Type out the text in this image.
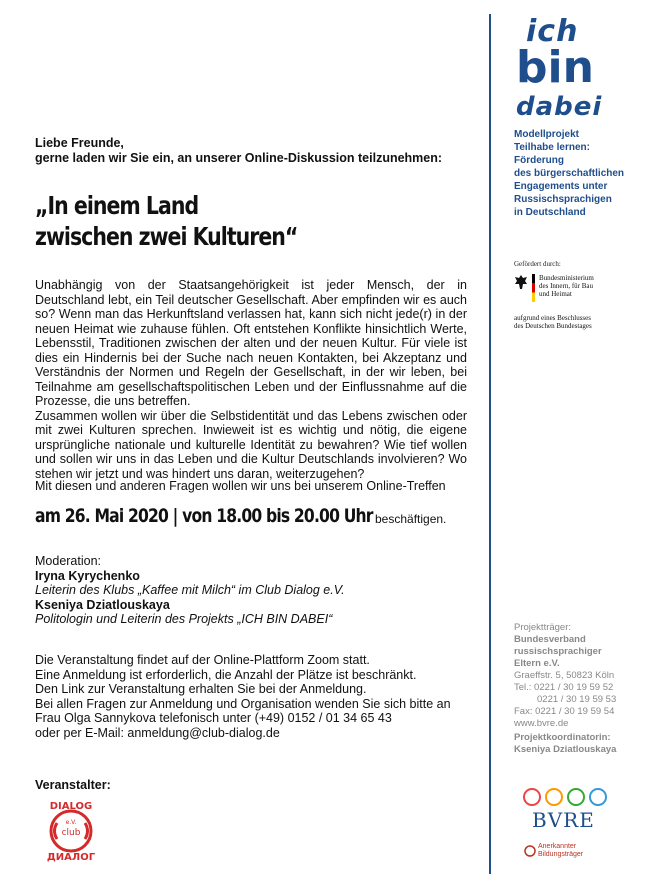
ich
bin
dabei
Modellprojekt
Teilhabe lernen:
Förderung
des bürgerschaftlichen
Engagements unter
Russischsprachigen
in Deutschland
Gefördert durch:
Bundesministerium
des Innern, für Bau
und Heimat
aufgrund eines Beschlusses
des Deutschen Bundestages
Projektträger:
Bundesverband
russischsprachiger
Eltern e.V.
Graeffstr. 5, 50823 Köln
Tel.: 0221 / 30 19 59 52
0221 / 30 19 59 53
Fax: 0221 / 30 19 59 54
www.bvre.de
Projektkoordinatorin:
Kseniya Dziatlouskaya
BVRE
Anerkannter
Bildungsträger
Liebe Freunde,
gerne laden wir Sie ein, an unserer Online-Diskussion teilzunehmen:
„In einem Land
zwischen zwei Kulturen“
Unabhängig von der Staatsangehörigkeit ist jeder Mensch, der in Deutschland lebt, ein Teil deutscher Gesellschaft. Aber empfinden wir es auch so? Wenn man das Herkunftsland verlassen hat, kann sich nicht jede(r) in der neuen Heimat wie zuhause fühlen. Oft entstehen Konflikte hinsichtlich Werte, Lebensstil, Traditionen zwischen der alten und der neuen Kultur. Für viele ist dies ein Hindernis bei der Suche nach neuen Kontakten, bei Akzeptanz und Verständnis der Normen und Regeln der Gesellschaft, in der wir leben, bei Teilnahme am gesellschaftspolitischen Leben und der Einflussnahme auf die Prozesse, die uns betreffen.
Zusammen wollen wir über die Selbstidentität und das Lebens zwischen oder mit zwei Kulturen sprechen. Inwieweit ist es wichtig und nötig, die eigene ursprüngliche nationale und kulturelle Identität zu bewahren? Wie tief wollen und sollen wir uns in das Leben und die Kultur Deutschlands involvieren? Wo stehen wir jetzt und was hindert uns daran, weiterzugehen?
Mit diesen und anderen Fragen wollen wir uns bei unserem Online-Treffen
am 26. Mai 2020 | von 18.00 bis 20.00 Uhr beschäftigen.
Moderation:
Iryna Kyrychenko
Leiterin des Klubs „Kaffee mit Milch“ im Club Dialog e.V.
Kseniya Dziatlouskaya
Politologin und Leiterin des Projekts „ICH BIN DABEI“
Die Veranstaltung findet auf der Online-Plattform Zoom statt.
Eine Anmeldung ist erforderlich, die Anzahl der Plätze ist beschränkt.
Den Link zur Veranstaltung erhalten Sie bei der Anmeldung.
Bei allen Fragen zur Anmeldung und Organisation wenden Sie sich bitte an
Frau Olga Sannykova telefonisch unter (+49) 0152 / 01 34 65 43
oder per E-Mail: anmeldung@club-dialog.de
Veranstalter:
DIALOG
e.V.
club
ДИАЛОГ
